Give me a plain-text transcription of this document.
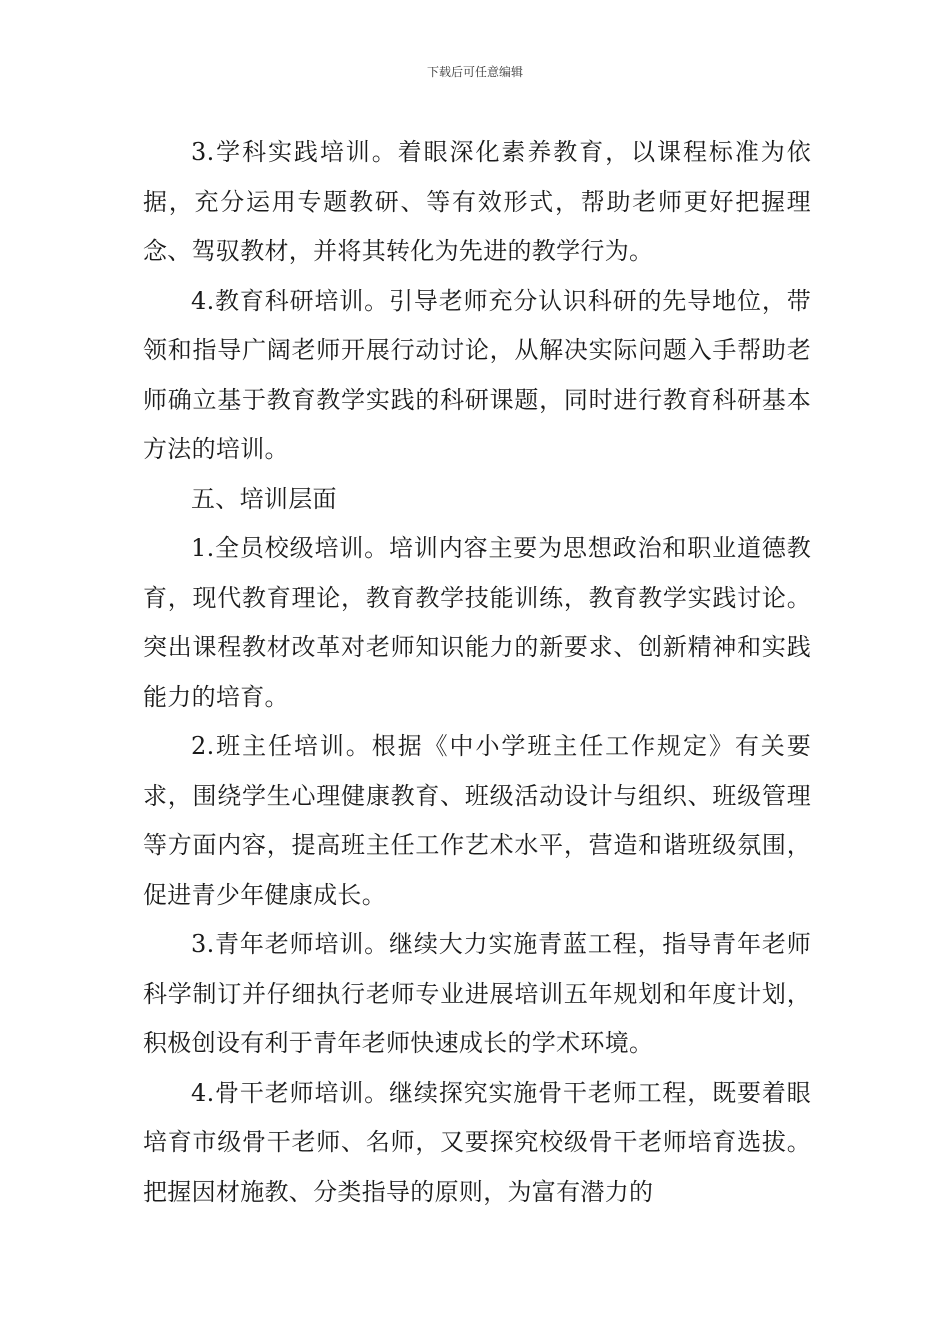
下载后可任意编辑

3.学科实践培训。着眼深化素养教育，以课程标准为依据，充分运用专题教研、等有效形式，帮助老师更好把握理念、驾驭教材，并将其转化为先进的教学行为。

4.教育科研培训。引导老师充分认识科研的先导地位，带领和指导广阔老师开展行动讨论，从解决实际问题入手帮助老师确立基于教育教学实践的科研课题，同时进行教育科研基本方法的培训。

五、培训层面

1.全员校级培训。培训内容主要为思想政治和职业道德教育，现代教育理论，教育教学技能训练，教育教学实践讨论。突出课程教材改革对老师知识能力的新要求、创新精神和实践能力的培育。

2.班主任培训。根据《中小学班主任工作规定》有关要求，围绕学生心理健康教育、班级活动设计与组织、班级管理等方面内容，提高班主任工作艺术水平，营造和谐班级氛围，促进青少年健康成长。

3.青年老师培训。继续大力实施青蓝工程，指导青年老师科学制订并仔细执行老师专业进展培训五年规划和年度计划，积极创设有利于青年老师快速成长的学术环境。

4.骨干老师培训。继续探究实施骨干老师工程，既要着眼培育市级骨干老师、名师，又要探究校级骨干老师培育选拔。把握因材施教、分类指导的原则，为富有潜力的
